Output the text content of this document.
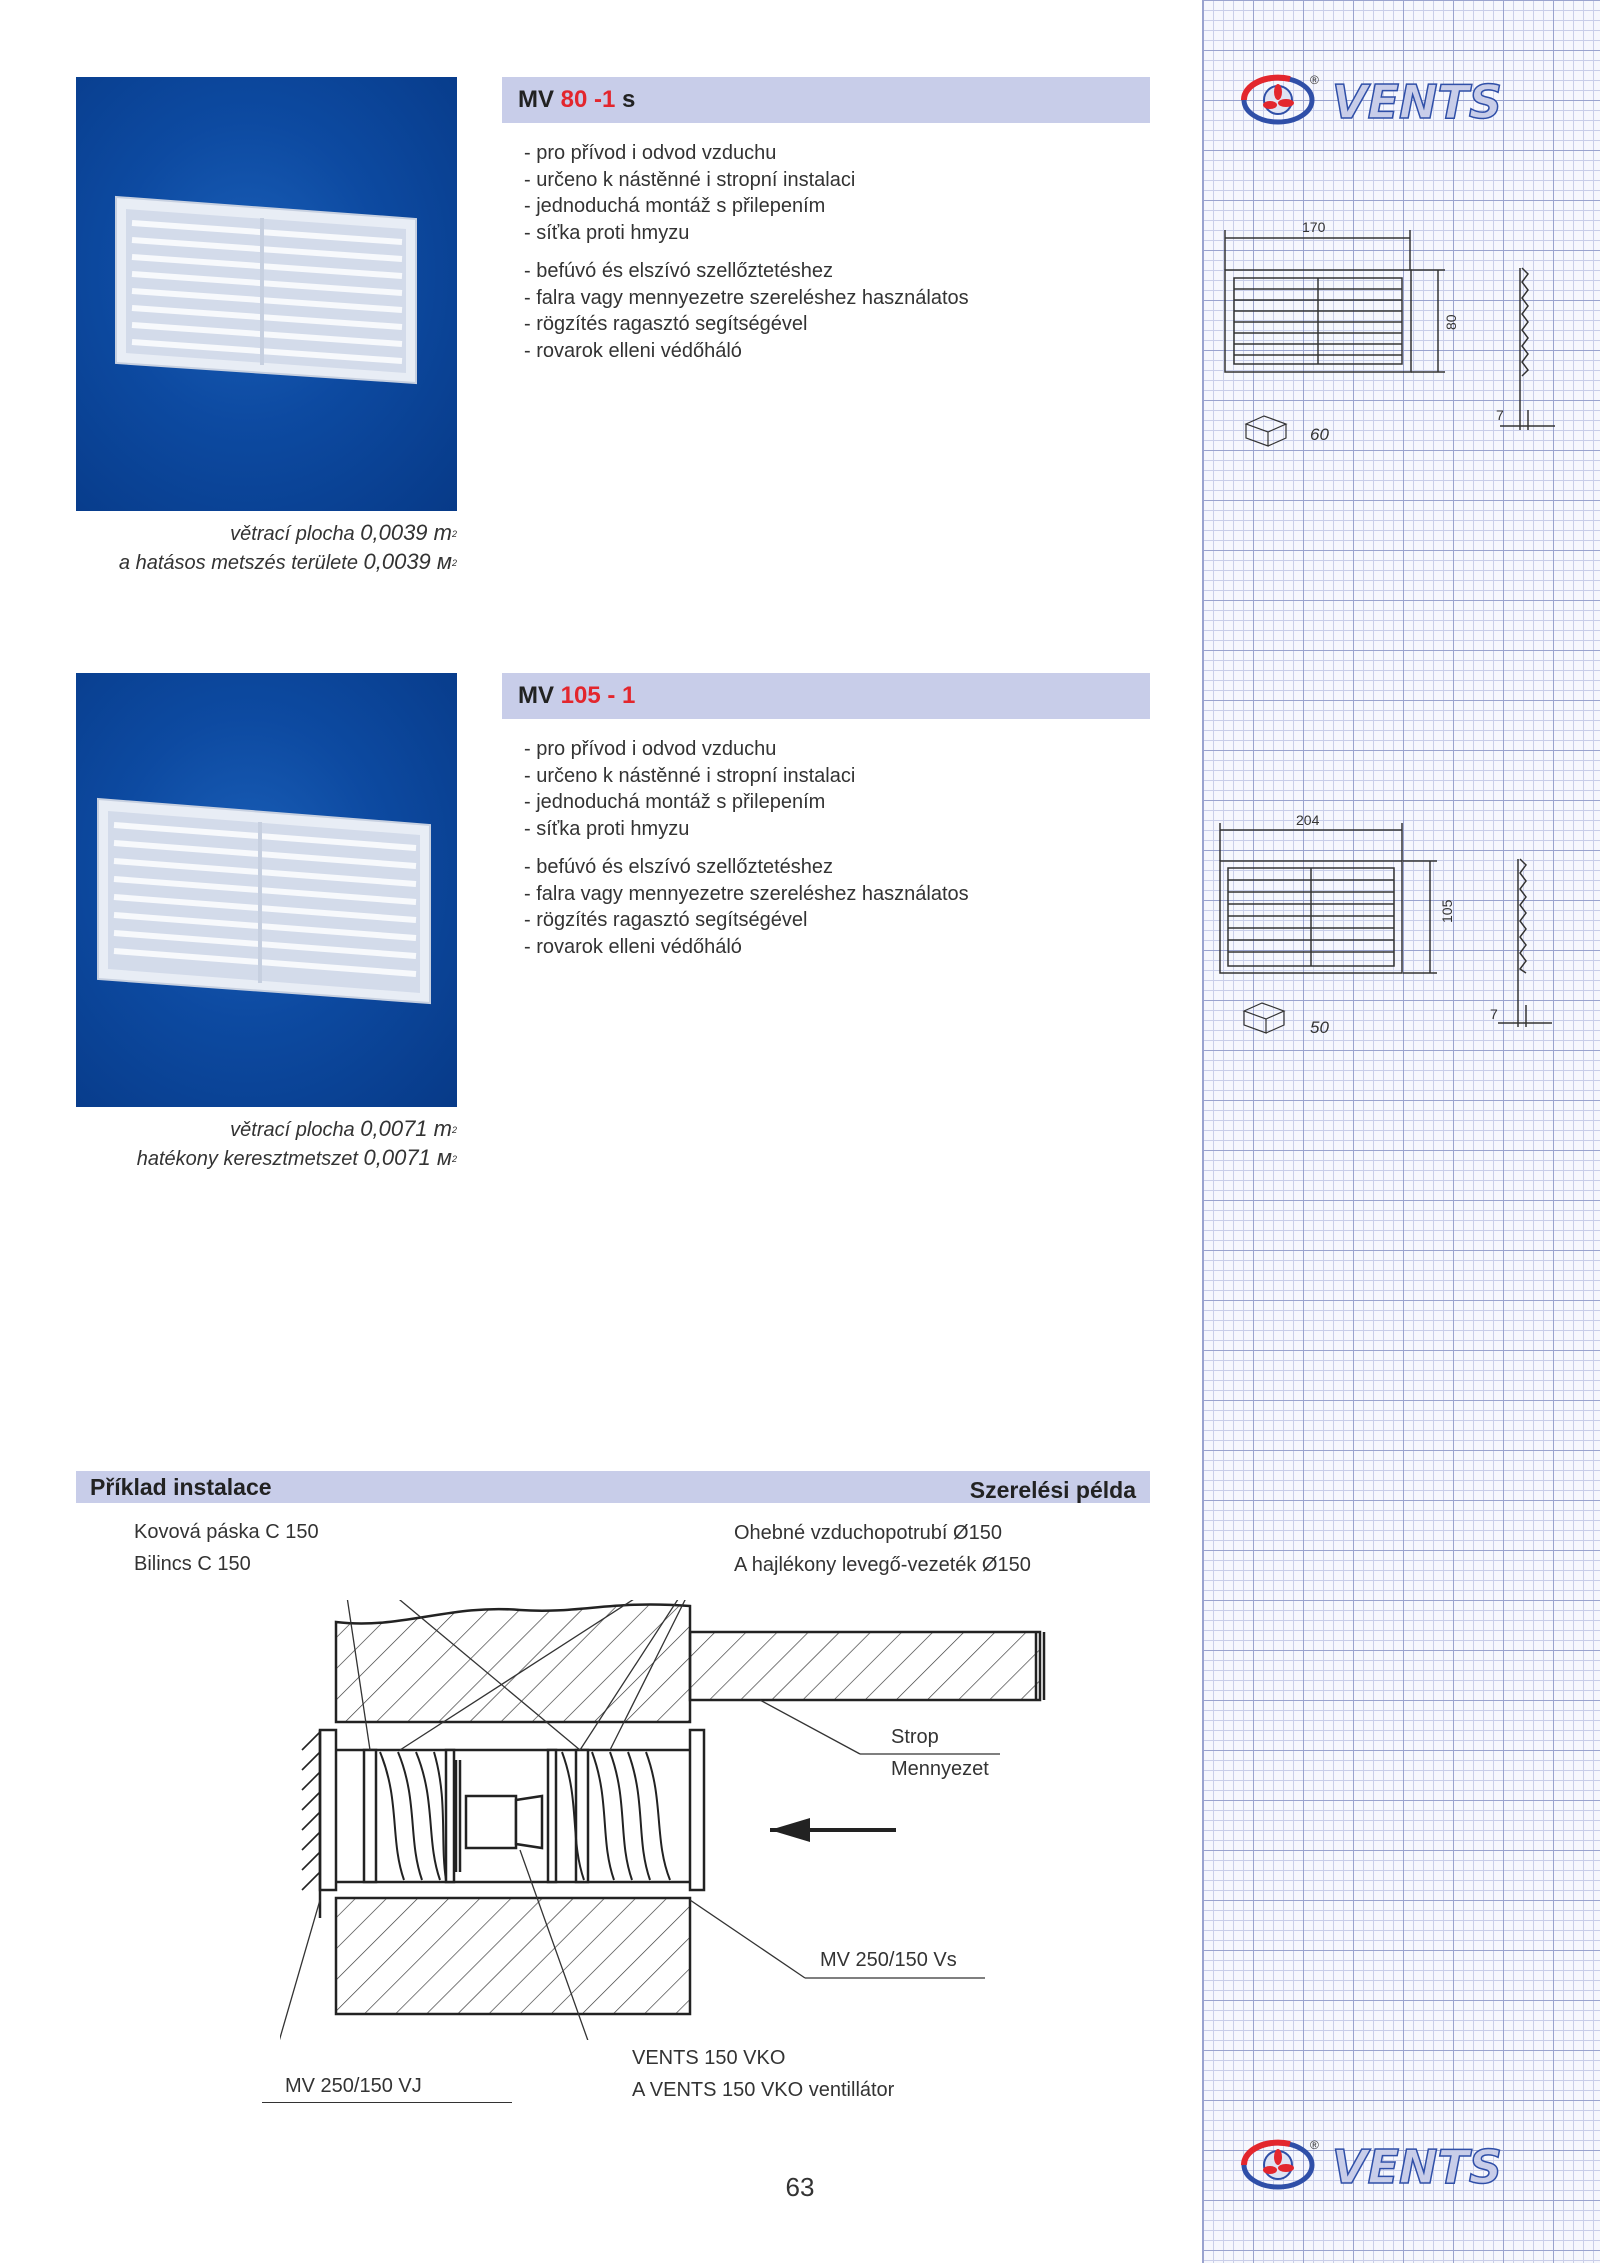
® VENTS
® VENTS
170
80
7
60
204
105
7
50
větrací plocha 0,0039 $m^2$
a hatásos metszés területe 0,0039 $м^2$
MV 80 -1 s

- pro přívod i odvod vzduchu

- určeno k nástěnné i stropní instalaci

- jednoduchá montáž s přilepením

- síťka proti hmyzu

- befúvó és elszívó szellőztetéshez

- falra vagy mennyezetre szereléshez használatos

- rögzítés ragasztó segítségével

- rovarok elleni védőháló

větrací plocha 0,0071 $m^2$
hatékony keresztmetszet 0,0071 $м^2$
MV 105 - 1

- pro přívod i odvod vzduchu

- určeno k nástěnné i stropní instalaci

- jednoduchá montáž s přilepením

- síťka proti hmyzu

- befúvó és elszívó szellőztetéshez

- falra vagy mennyezetre szereléshez használatos

- rögzítés ragasztó segítségével

- rovarok elleni védőháló

Příklad instalace	Szerelési példa
Kovová páska C 150
Bilincs C 150
Ohebné vzduchopotrubí Ø150
A hajlékony levegő-vezeték Ø150
Strop
Mennyezet
MV 250/150 Vs
VENTS 150 VKO
A VENTS 150 VKO ventillátor
MV 250/150 VJ
63
